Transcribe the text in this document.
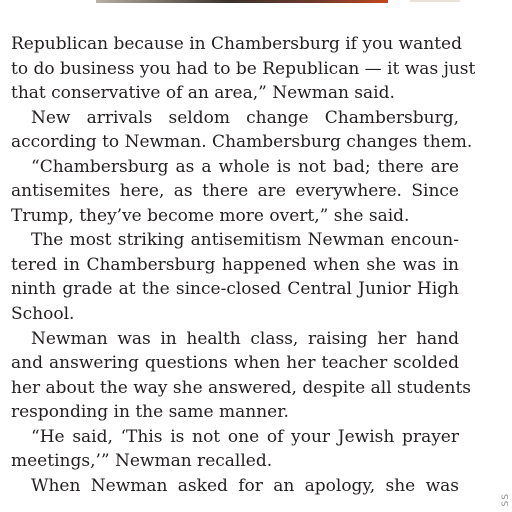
Republican because in Chambersburg if you wanted
to do business you had to be Republican — it was just
that conservative of an area,” Newman said.
New arrivals seldom change Chambersburg,
according to Newman. Chambersburg changes them.
“Chambersburg as a whole is not bad; there are
antisemites here, as there are everywhere. Since
Trump, they’ve become more overt,” she said.
The most striking antisemitism Newman encoun-
tered in Chambersburg happened when she was in
ninth grade at the since-closed Central Junior High
School.
Newman was in health class, raising her hand
and answering questions when her teacher scolded
her about the way she answered, despite all students
responding in the same manner.
“He said, ‘This is not one of your Jewish prayer
meetings,’” Newman recalled.
When Newman asked for an apology, she was
SS
